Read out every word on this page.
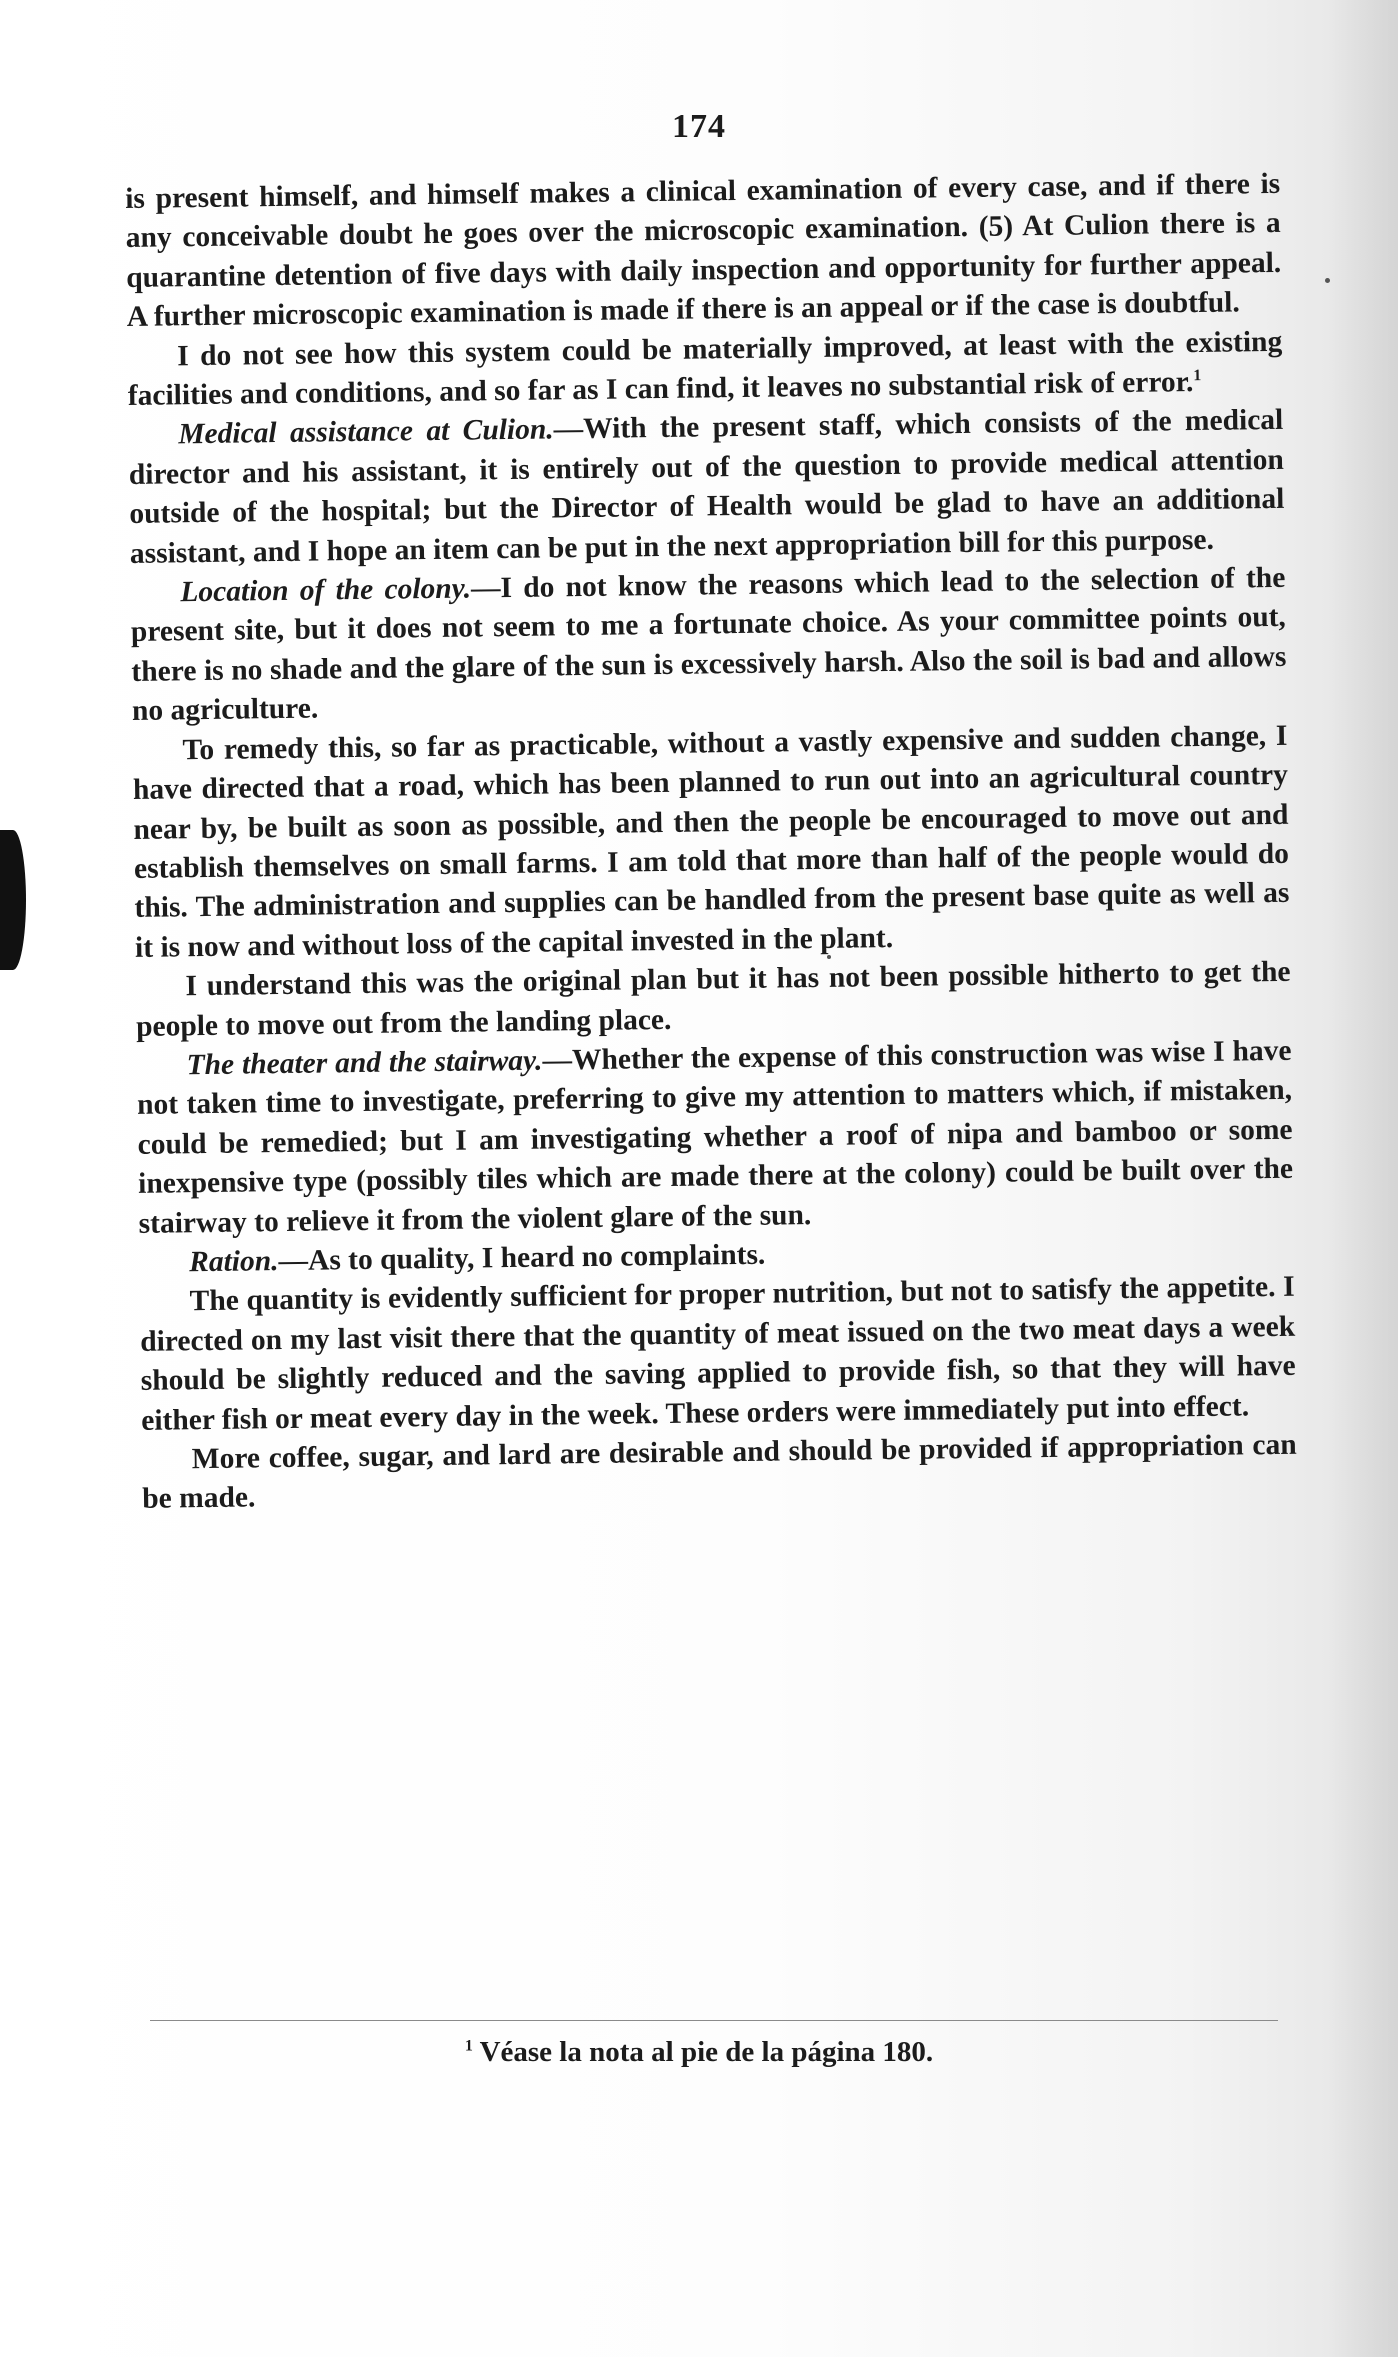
174

is present himself, and himself makes a clinical examination of every case, and if there is any conceivable doubt he goes over the microscopic examination. (5) At Culion there is a quarantine detention of five days with daily inspection and opportunity for further appeal. A further microscopic examination is made if there is an appeal or if the case is doubtful.

I do not see how this system could be materially improved, at least with the existing facilities and conditions, and so far as I can find, it leaves no substantial risk of error.$^1$

Medical assistance at Culion.—With the present staff, which consists of the medical director and his assistant, it is entirely out of the question to provide medical attention outside of the hospital; but the Director of Health would be glad to have an additional assistant, and I hope an item can be put in the next appropriation bill for this purpose.

Location of the colony.—I do not know the reasons which lead to the selection of the present site, but it does not seem to me a fortunate choice. As your committee points out, there is no shade and the glare of the sun is excessively harsh. Also the soil is bad and allows no agriculture.

To remedy this, so far as practicable, without a vastly expensive and sudden change, I have directed that a road, which has been planned to run out into an agricultural country near by, be built as soon as possible, and then the people be encouraged to move out and establish themselves on small farms. I am told that more than half of the people would do this. The administration and supplies can be handled from the present base quite as well as it is now and without loss of the capital invested in the plant.

I understand this was the original plan but it has not been possible hitherto to get the people to move out from the landing place.

The theater and the stairway.—Whether the expense of this construction was wise I have not taken time to investigate, preferring to give my attention to matters which, if mistaken, could be remedied; but I am investigating whether a roof of nipa and bamboo or some inexpensive type (possibly tiles which are made there at the colony) could be built over the stairway to relieve it from the violent glare of the sun.

Ration.—As to quality, I heard no complaints.

The quantity is evidently sufficient for proper nutrition, but not to satisfy the appetite. I directed on my last visit there that the quantity of meat issued on the two meat days a week should be slightly reduced and the saving applied to provide fish, so that they will have either fish or meat every day in the week. These orders were immediately put into effect.

More coffee, sugar, and lard are desirable and should be provided if appropriation can be made.

$^1$ Véase la nota al pie de la página 180.
